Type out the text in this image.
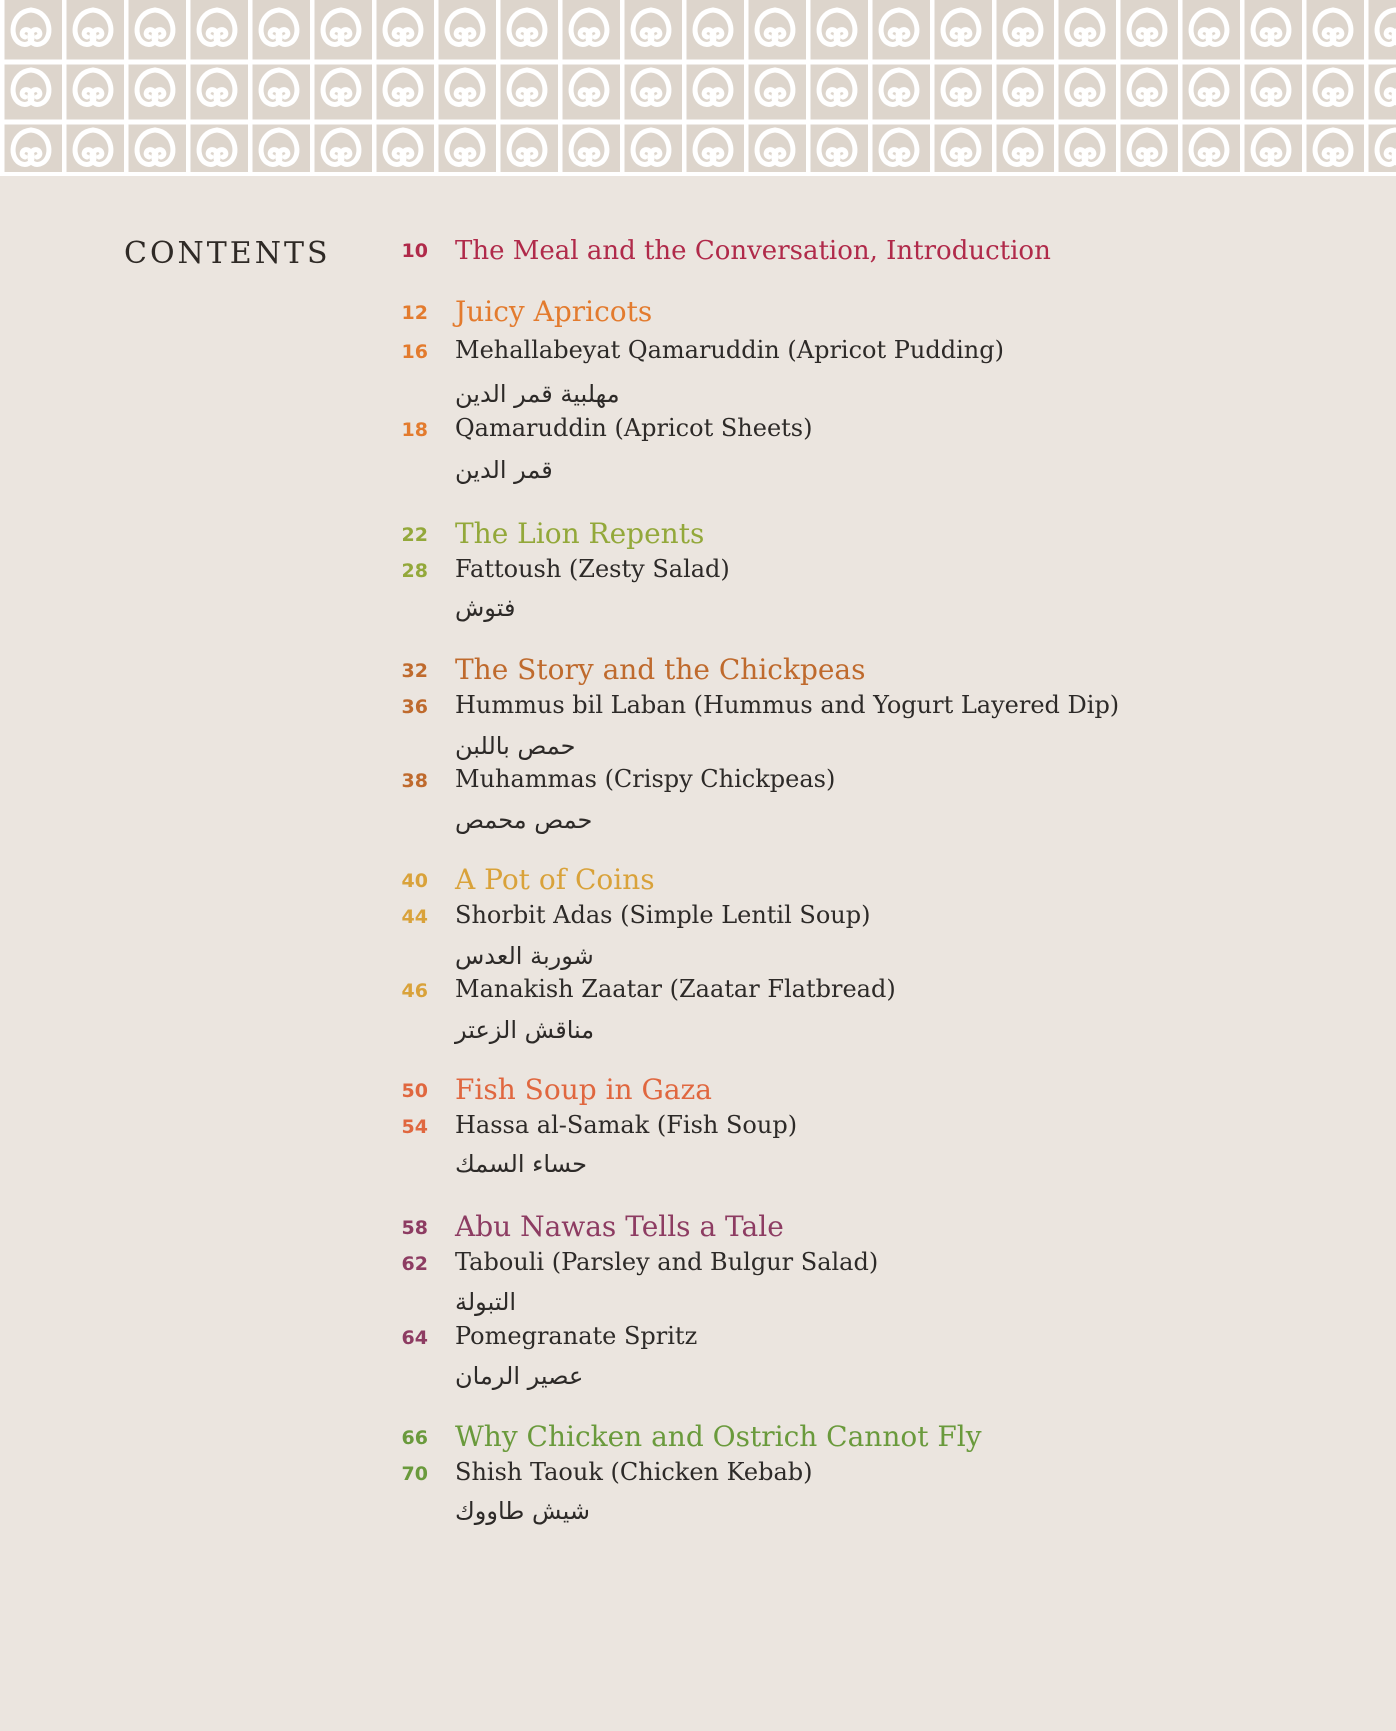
CONTENTS	10 The Meal and the Conversation, Introduction
12 Juicy Apricots
16 Mehallabeyat Qamaruddin (Apricot Pudding)
مهلبية قمر الدين
18 Qamaruddin (Apricot Sheets)
قمر الدين
22 The Lion Repents
28 Fattoush (Zesty Salad)
فتوش
32 The Story and the Chickpeas
36 Hummus bil Laban (Hummus and Yogurt Layered Dip)
حمص باللبن
38 Muhammas (Crispy Chickpeas)
حمص محمص
40 A Pot of Coins
44 Shorbit Adas (Simple Lentil Soup)
شوربة العدس
46 Manakish Zaatar (Zaatar Flatbread)
مناقش الزعتر
50 Fish Soup in Gaza
54 Hassa al-Samak (Fish Soup)
حساء السمك
58 Abu Nawas Tells a Tale
62 Tabouli (Parsley and Bulgur Salad)
التبولة
64 Pomegranate Spritz
عصير الرمان
66 Why Chicken and Ostrich Cannot Fly
70 Shish Taouk (Chicken Kebab)
شيش طاووك
